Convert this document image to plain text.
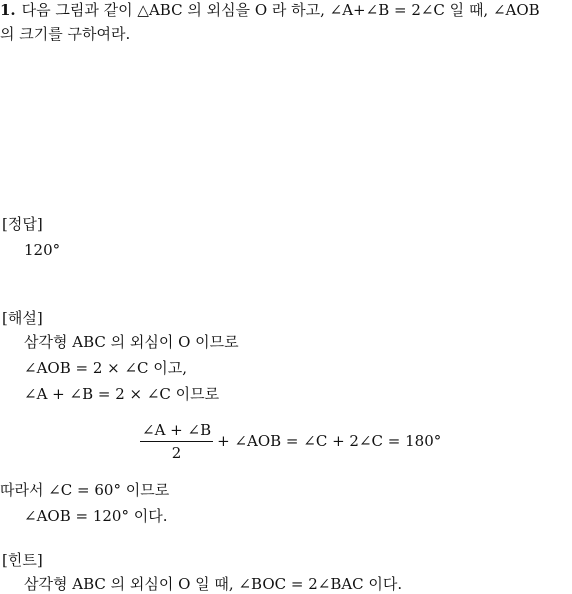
1. 다음 그림과 같이 △ABC 의 외심을 O 라 하고, ∠A+∠B = 2∠C 일 때, ∠AOB
의 크기를 구하여라.
[정답]
120°
[해설]
삼각형 ABC 의 외심이 O 이므로
∠AOB = 2 × ∠C 이고,
∠A + ∠B = 2 × ∠C 이므로
$\frac{\angle A + \angle B}{2}$ + ∠AOB = ∠C + 2∠C = 180°
따라서 ∠C = 60° 이므로
∠AOB = 120° 이다.
[힌트]
삼각형 ABC 의 외심이 O 일 때, ∠BOC = 2∠BAC 이다.
